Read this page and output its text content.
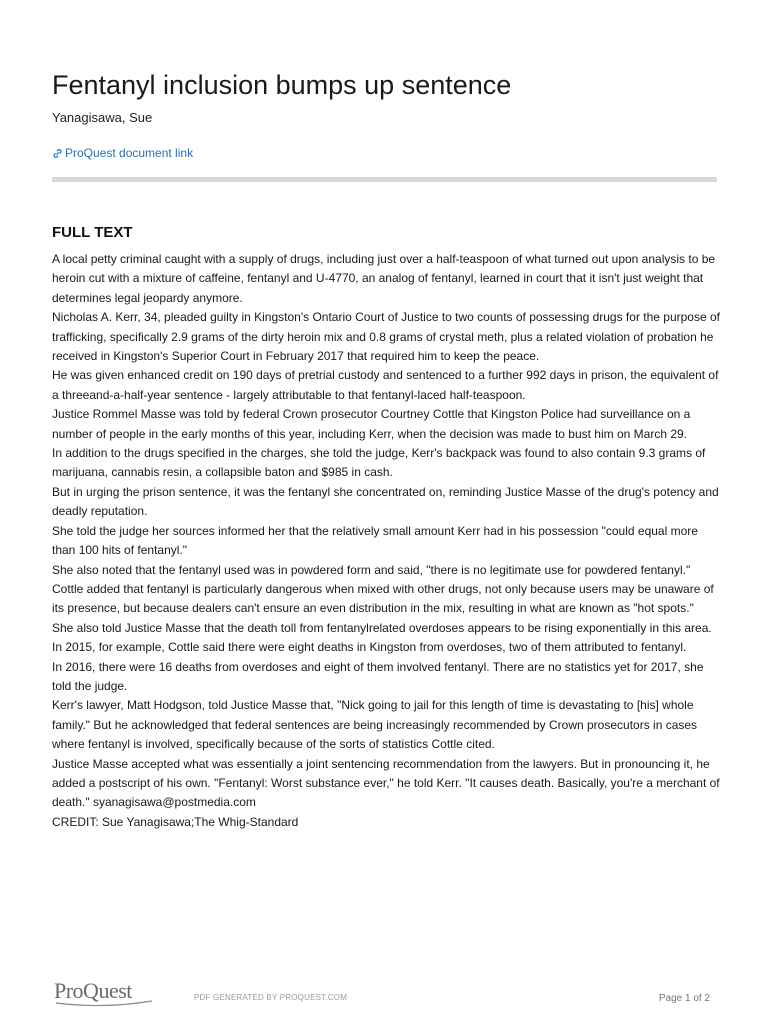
Fentanyl inclusion bumps up sentence
Yanagisawa, Sue
ProQuest document link
FULL TEXT

A local petty criminal caught with a supply of drugs, including just over a half-teaspoon of what turned out upon analysis to be heroin cut with a mixture of caffeine, fentanyl and U-4770, an analog of fentanyl, learned in court that it isn't just weight that determines legal jeopardy anymore.

Nicholas A. Kerr, 34, pleaded guilty in Kingston's Ontario Court of Justice to two counts of possessing drugs for the purpose of trafficking, specifically 2.9 grams of the dirty heroin mix and 0.8 grams of crystal meth, plus a related violation of probation he received in Kingston's Superior Court in February 2017 that required him to keep the peace.

He was given enhanced credit on 190 days of pretrial custody and sentenced to a further 992 days in prison, the equivalent of a threeand-a-half-year sentence - largely attributable to that fentanyl-laced half-teaspoon.

Justice Rommel Masse was told by federal Crown prosecutor Courtney Cottle that Kingston Police had surveillance on a number of people in the early months of this year, including Kerr, when the decision was made to bust him on March 29.

In addition to the drugs specified in the charges, she told the judge, Kerr's backpack was found to also contain 9.3 grams of marijuana, cannabis resin, a collapsible baton and $985 in cash.

But in urging the prison sentence, it was the fentanyl she concentrated on, reminding Justice Masse of the drug's potency and deadly reputation.

She told the judge her sources informed her that the relatively small amount Kerr had in his possession "could equal more than 100 hits of fentanyl."

She also noted that the fentanyl used was in powdered form and said, "there is no legitimate use for powdered fentanyl."

Cottle added that fentanyl is particularly dangerous when mixed with other drugs, not only because users may be unaware of its presence, but because dealers can't ensure an even distribution in the mix, resulting in what are known as "hot spots."

She also told Justice Masse that the death toll from fentanylrelated overdoses appears to be rising exponentially in this area.

In 2015, for example, Cottle said there were eight deaths in Kingston from overdoses, two of them attributed to fentanyl.

In 2016, there were 16 deaths from overdoses and eight of them involved fentanyl. There are no statistics yet for 2017, she told the judge.

Kerr's lawyer, Matt Hodgson, told Justice Masse that, "Nick going to jail for this length of time is devastating to [his] whole family." But he acknowledged that federal sentences are being increasingly recommended by Crown prosecutors in cases where fentanyl is involved, specifically because of the sorts of statistics Cottle cited.

Justice Masse accepted what was essentially a joint sentencing recommendation from the lawyers. But in pronouncing it, he added a postscript of his own. "Fentanyl: Worst substance ever," he told Kerr. "It causes death. Basically, you're a merchant of death." syanagisawa@postmedia.com

CREDIT: Sue Yanagisawa;The Whig-Standard

ProQuest	PDF GENERATED BY PROQUEST.COM	Page 1 of 2
